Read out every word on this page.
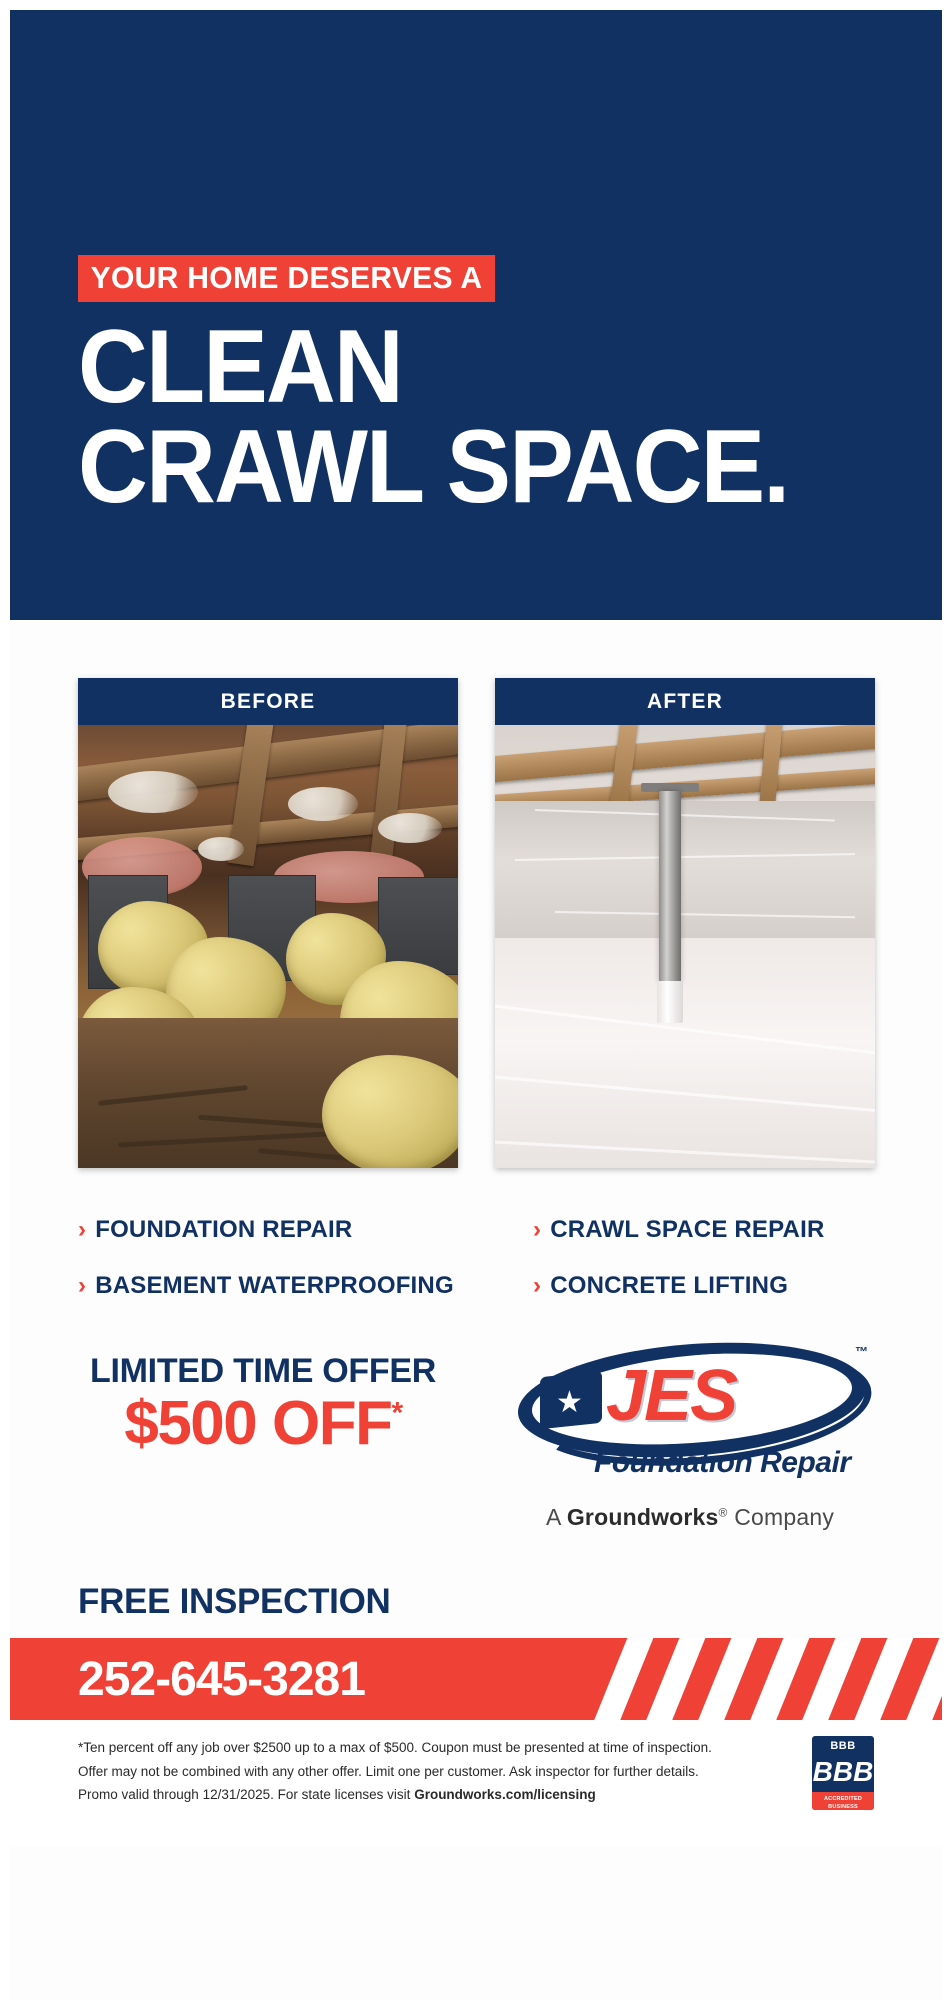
YOUR HOME DESERVES A
CLEAN
CRAWL SPACE.
BEFORE	AFTER
› FOUNDATION REPAIR	› CRAWL SPACE REPAIR
› BASEMENT WATERPROOFING	› CONCRETE LIFTING
LIMITED TIME OFFER
$500 OFF*	★ JES
™
Foundation Repair
A Groundworks® Company
FREE INSPECTION
252-645-3281

*Ten percent off any job over $2500 up to a max of $500. Coupon must be presented at time of inspection.

Offer may not be combined with any other offer. Limit one per customer. Ask inspector for further details.

Promo valid through 12/31/2025. For state licenses visit Groundworks.com/licensing

BBB
BBB
ACCREDITED BUSINESS
